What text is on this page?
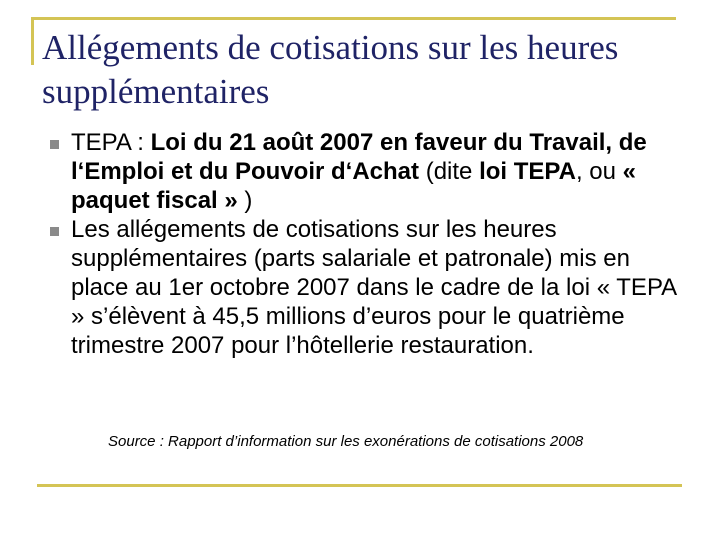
Allégements de cotisations sur les heures supplémentaires
TEPA : Loi du 21 août 2007 en faveur du Travail, de l‘Emploi et du Pouvoir d‘Achat (dite loi TEPA, ou « paquet fiscal » )
Les allégements de cotisations sur les heures supplémentaires (parts salariale et patronale) mis en place au 1er octobre 2007 dans le cadre de la loi « TEPA » s’élèvent à 45,5 millions d’euros pour le quatrième trimestre 2007 pour l’hôtellerie restauration.
Source : Rapport d’information sur les exonérations de cotisations 2008
